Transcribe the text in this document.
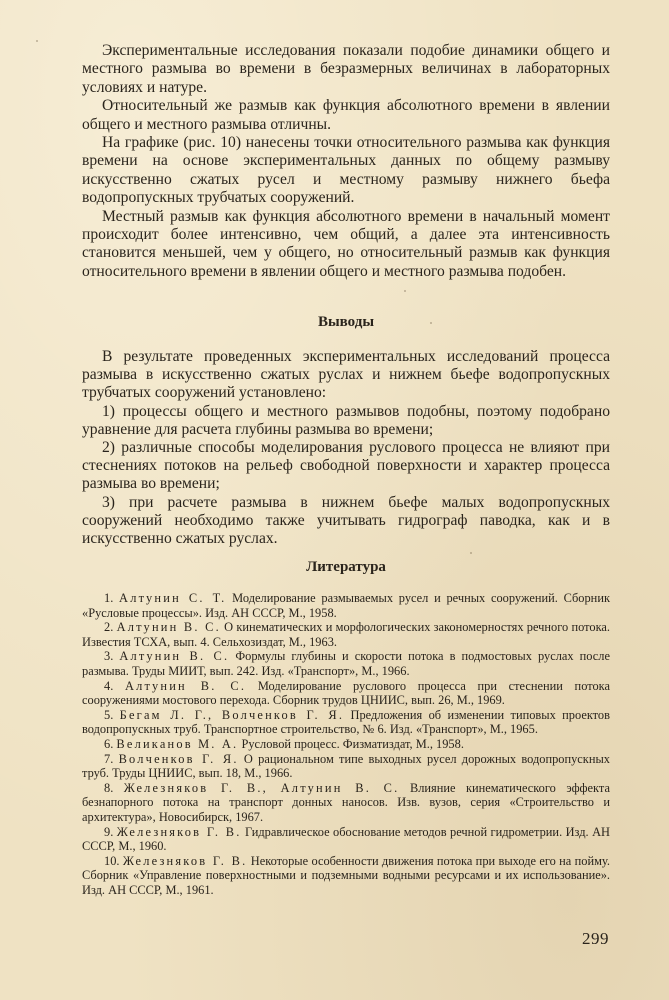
Экспериментальные исследования показали подобие динамики общего и местного размыва во времени в безразмерных величинах в лабораторных условиях и натуре.

Относительный же размыв как функция абсолютного времени в явлении общего и местного размыва отличны.

На графике (рис. 10) нанесены точки относительного размыва как функция времени на основе экспериментальных данных по общему размыву искусственно сжатых русел и местному размыву нижнего бьефа водопропускных трубчатых сооружений.

Местный размыв как функция абсолютного времени в начальный момент происходит более интенсивно, чем общий, а далее эта интенсивность становится меньшей, чем у общего, но относительный размыв как функция относительного времени в явлении общего и местного размыва подобен.

Выводы

В результате проведенных экспериментальных исследований процесса размыва в искусственно сжатых руслах и нижнем бьефе водопропускных трубчатых сооружений установлено:

1) процессы общего и местного размывов подобны, поэтому подобрано уравнение для расчета глубины размыва во времени;

2) различные способы моделирования руслового процесса не влияют при стеснениях потоков на рельеф свободной поверхности и характер процесса размыва во времени;

3) при расчете размыва в нижнем бьефе малых водопропускных сооружений необходимо также учитывать гидрограф паводка, как и в искусственно сжатых руслах.

Литература

1. Алтунин С. Т. Моделирование размываемых русел и речных сооружений. Сборник «Русловые процессы». Изд. АН СССР, М., 1958.

2. Алтунин В. С. О кинематических и морфологических закономерностях речного потока. Известия ТСХА, вып. 4. Сельхозиздат, М., 1963.

3. Алтунин В. С. Формулы глубины и скорости потока в подмостовых руслах после размыва. Труды МИИТ, вып. 242. Изд. «Транспорт», М., 1966.

4. Алтунин В. С. Моделирование руслового процесса при стеснении потока сооружениями мостового перехода. Сборник трудов ЦНИИС, вып. 26, М., 1969.

5. Бегам Л. Г., Волченков Г. Я. Предложения об изменении типовых проектов водопропускных труб. Транспортное строительство, № 6. Изд. «Транспорт», М., 1965.

6. Великанов М. А. Русловой процесс. Физматиздат, М., 1958.

7. Волченков Г. Я. О рациональном типе выходных русел дорожных водопропускных труб. Труды ЦНИИС, вып. 18, М., 1966.

8. Железняков Г. В., Алтунин В. С. Влияние кинематического эффекта безнапорного потока на транспорт донных наносов. Изв. вузов, серия «Строительство и архитектура», Новосибирск, 1967.

9. Железняков Г. В. Гидравлическое обоснование методов речной гидрометрии. Изд. АН СССР, М., 1960.

10. Железняков Г. В. Некоторые особенности движения потока при выходе его на пойму. Сборник «Управление поверхностными и подземными водными ресурсами и их использование». Изд. АН СССР, М., 1961.

299
